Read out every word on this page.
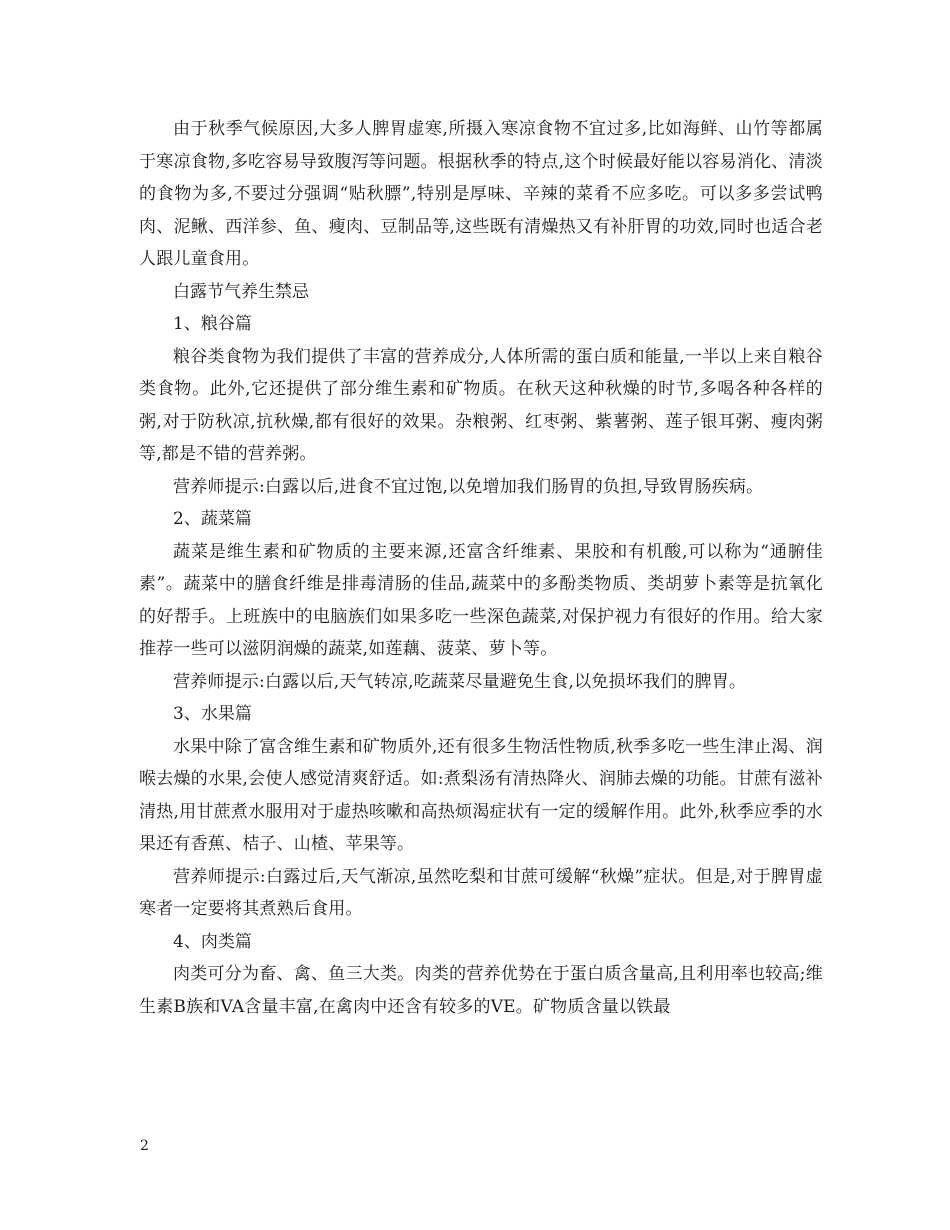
由于秋季气候原因,大多人脾胃虚寒,所摄入寒凉食物不宜过多,比如海鲜、山竹等都属于寒凉食物,多吃容易导致腹泻等问题。根据秋季的特点,这个时候最好能以容易消化、清淡的食物为多,不要过分强调“贴秋膘”,特别是厚味、辛辣的菜肴不应多吃。可以多多尝试鸭肉、泥鳅、西洋参、鱼、瘦肉、豆制品等,这些既有清燥热又有补肝胃的功效,同时也适合老人跟儿童食用。

白露节气养生禁忌

1、粮谷篇

粮谷类食物为我们提供了丰富的营养成分,人体所需的蛋白质和能量,一半以上来自粮谷类食物。此外,它还提供了部分维生素和矿物质。在秋天这种秋燥的时节,多喝各种各样的粥,对于防秋凉,抗秋燥,都有很好的效果。杂粮粥、红枣粥、紫薯粥、莲子银耳粥、瘦肉粥等,都是不错的营养粥。

营养师提示:白露以后,进食不宜过饱,以免增加我们肠胃的负担,导致胃肠疾病。

2、蔬菜篇

蔬菜是维生素和矿物质的主要来源,还富含纤维素、果胶和有机酸,可以称为“通腑佳素”。蔬菜中的膳食纤维是排毒清肠的佳品,蔬菜中的多酚类物质、类胡萝卜素等是抗氧化的好帮手。上班族中的电脑族们如果多吃一些深色蔬菜,对保护视力有很好的作用。给大家推荐一些可以滋阴润燥的蔬菜,如莲藕、菠菜、萝卜等。

营养师提示:白露以后,天气转凉,吃蔬菜尽量避免生食,以免损坏我们的脾胃。

3、水果篇

水果中除了富含维生素和矿物质外,还有很多生物活性物质,秋季多吃一些生津止渴、润喉去燥的水果,会使人感觉清爽舒适。如:煮梨汤有清热降火、润肺去燥的功能。甘蔗有滋补清热,用甘蔗煮水服用对于虚热咳嗽和高热烦渴症状有一定的缓解作用。此外,秋季应季的水果还有香蕉、桔子、山楂、苹果等。

营养师提示:白露过后,天气渐凉,虽然吃梨和甘蔗可缓解“秋燥”症状。但是,对于脾胃虚寒者一定要将其煮熟后食用。

4、肉类篇

肉类可分为畜、禽、鱼三大类。肉类的营养优势在于蛋白质含量高,且利用率也较高;维生素B族和VA含量丰富,在禽肉中还含有较多的VE。矿物质含量以铁最

2
